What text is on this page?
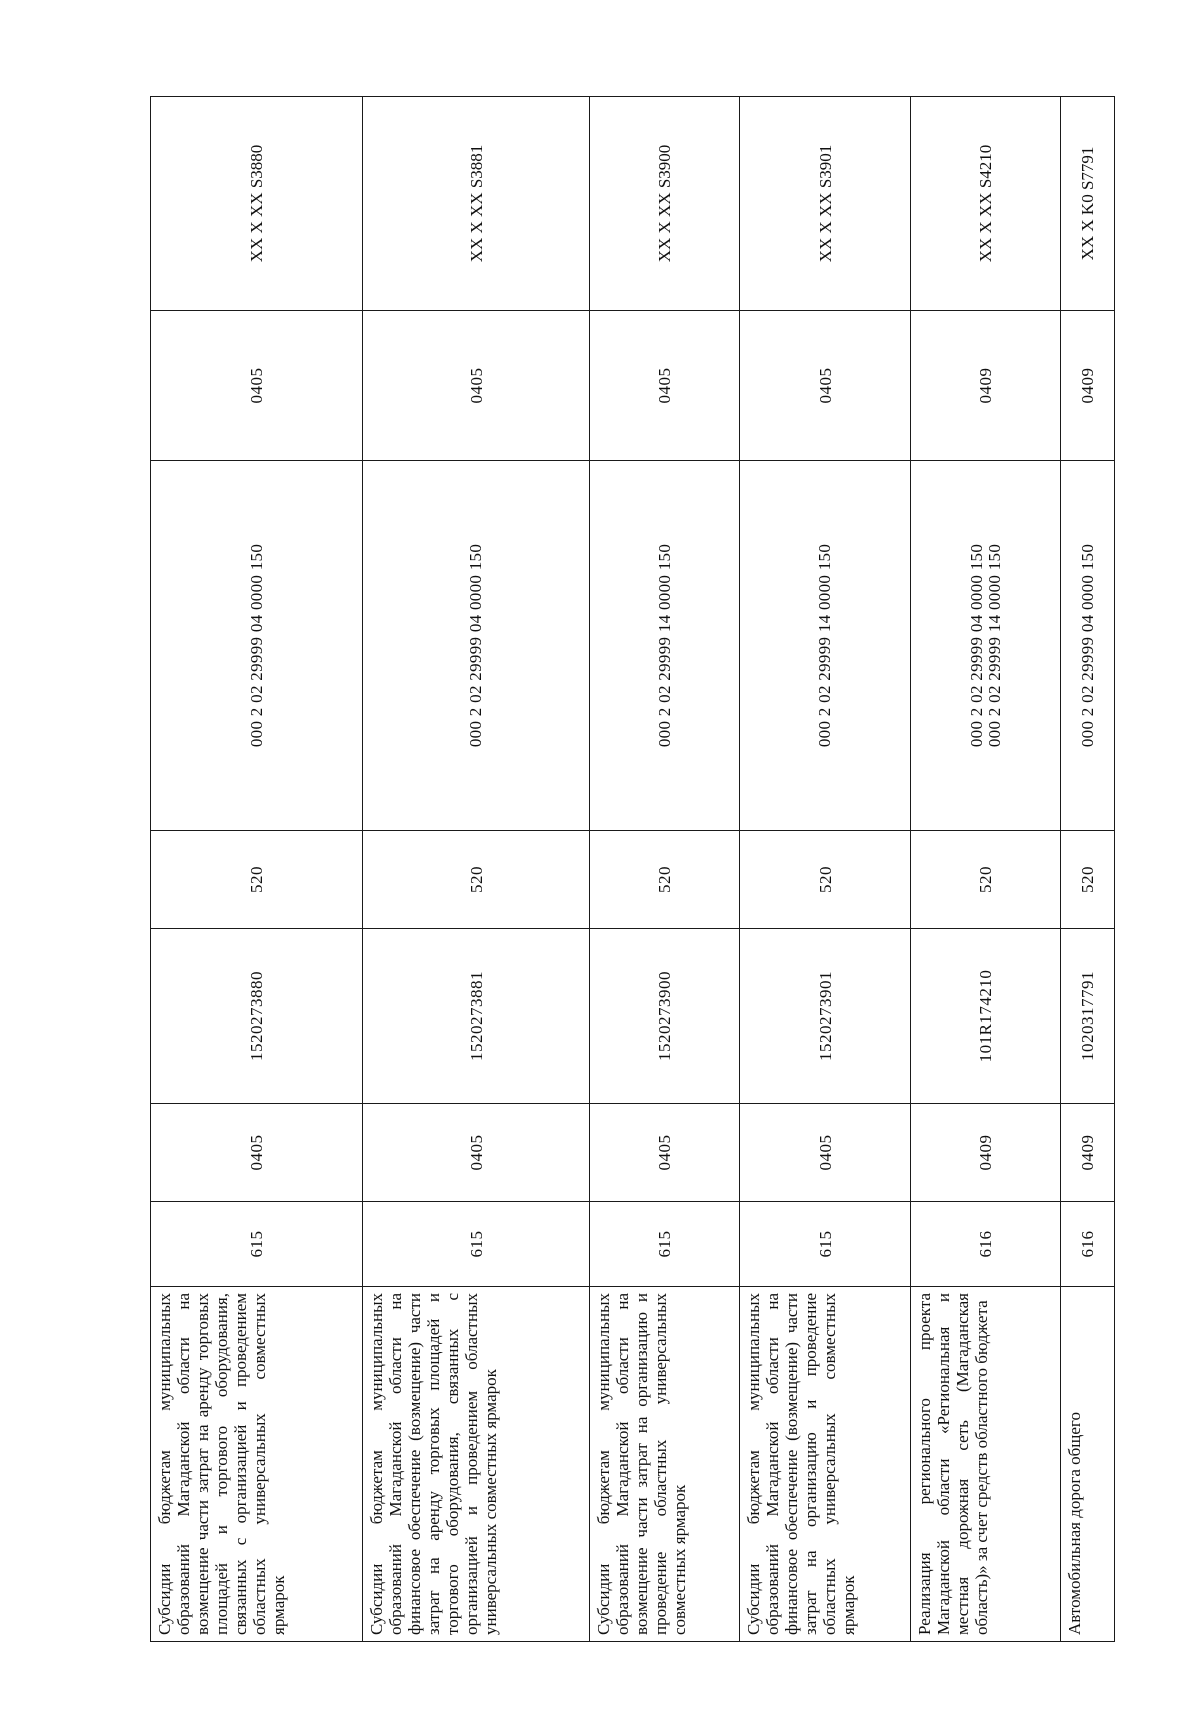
Субсидии бюджетам муниципальных образований Магаданской области на возмещение части затрат на аренду торговых площадей и торгового оборудования, связанных с организацией и проведением областных универсальных совместных ярмарок	615	0405	1520273880	520	000 2 02 29999 04 0000 150	0405	XX X XX S3880
Субсидии бюджетам муниципальных образований Магаданской области на финансовое обеспечение (возмещение) части затрат на аренду торговых площадей и торгового оборудования, связанных с организацией и проведением областных универсальных совместных ярмарок	615	0405	1520273881	520	000 2 02 29999 04 0000 150	0405	XX X XX S3881
Субсидии бюджетам муниципальных образований Магаданской области на возмещение части затрат на организацию и проведение областных универсальных совместных ярмарок	615	0405	1520273900	520	000 2 02 29999 14 0000 150	0405	XX X XX S3900
Субсидии бюджетам муниципальных образований Магаданской области на финансовое обеспечение (возмещение) части затрат на организацию и проведение областных универсальных совместных ярмарок	615	0405	1520273901	520	000 2 02 29999 14 0000 150	0405	XX X XX S3901
Реализация регионального проекта Магаданской области «Региональная и местная дорожная сеть (Магаданская область)» за счет средств областного бюджета	616	0409	101R174210	520	000 2 02 29999 04 0000 150 000 2 02 29999 14 0000 150	0409	XX X XX S4210
Автомобильная дорога общего	616	0409	1020317791	520	000 2 02 29999 04 0000 150	0409	XX X K0 S7791
